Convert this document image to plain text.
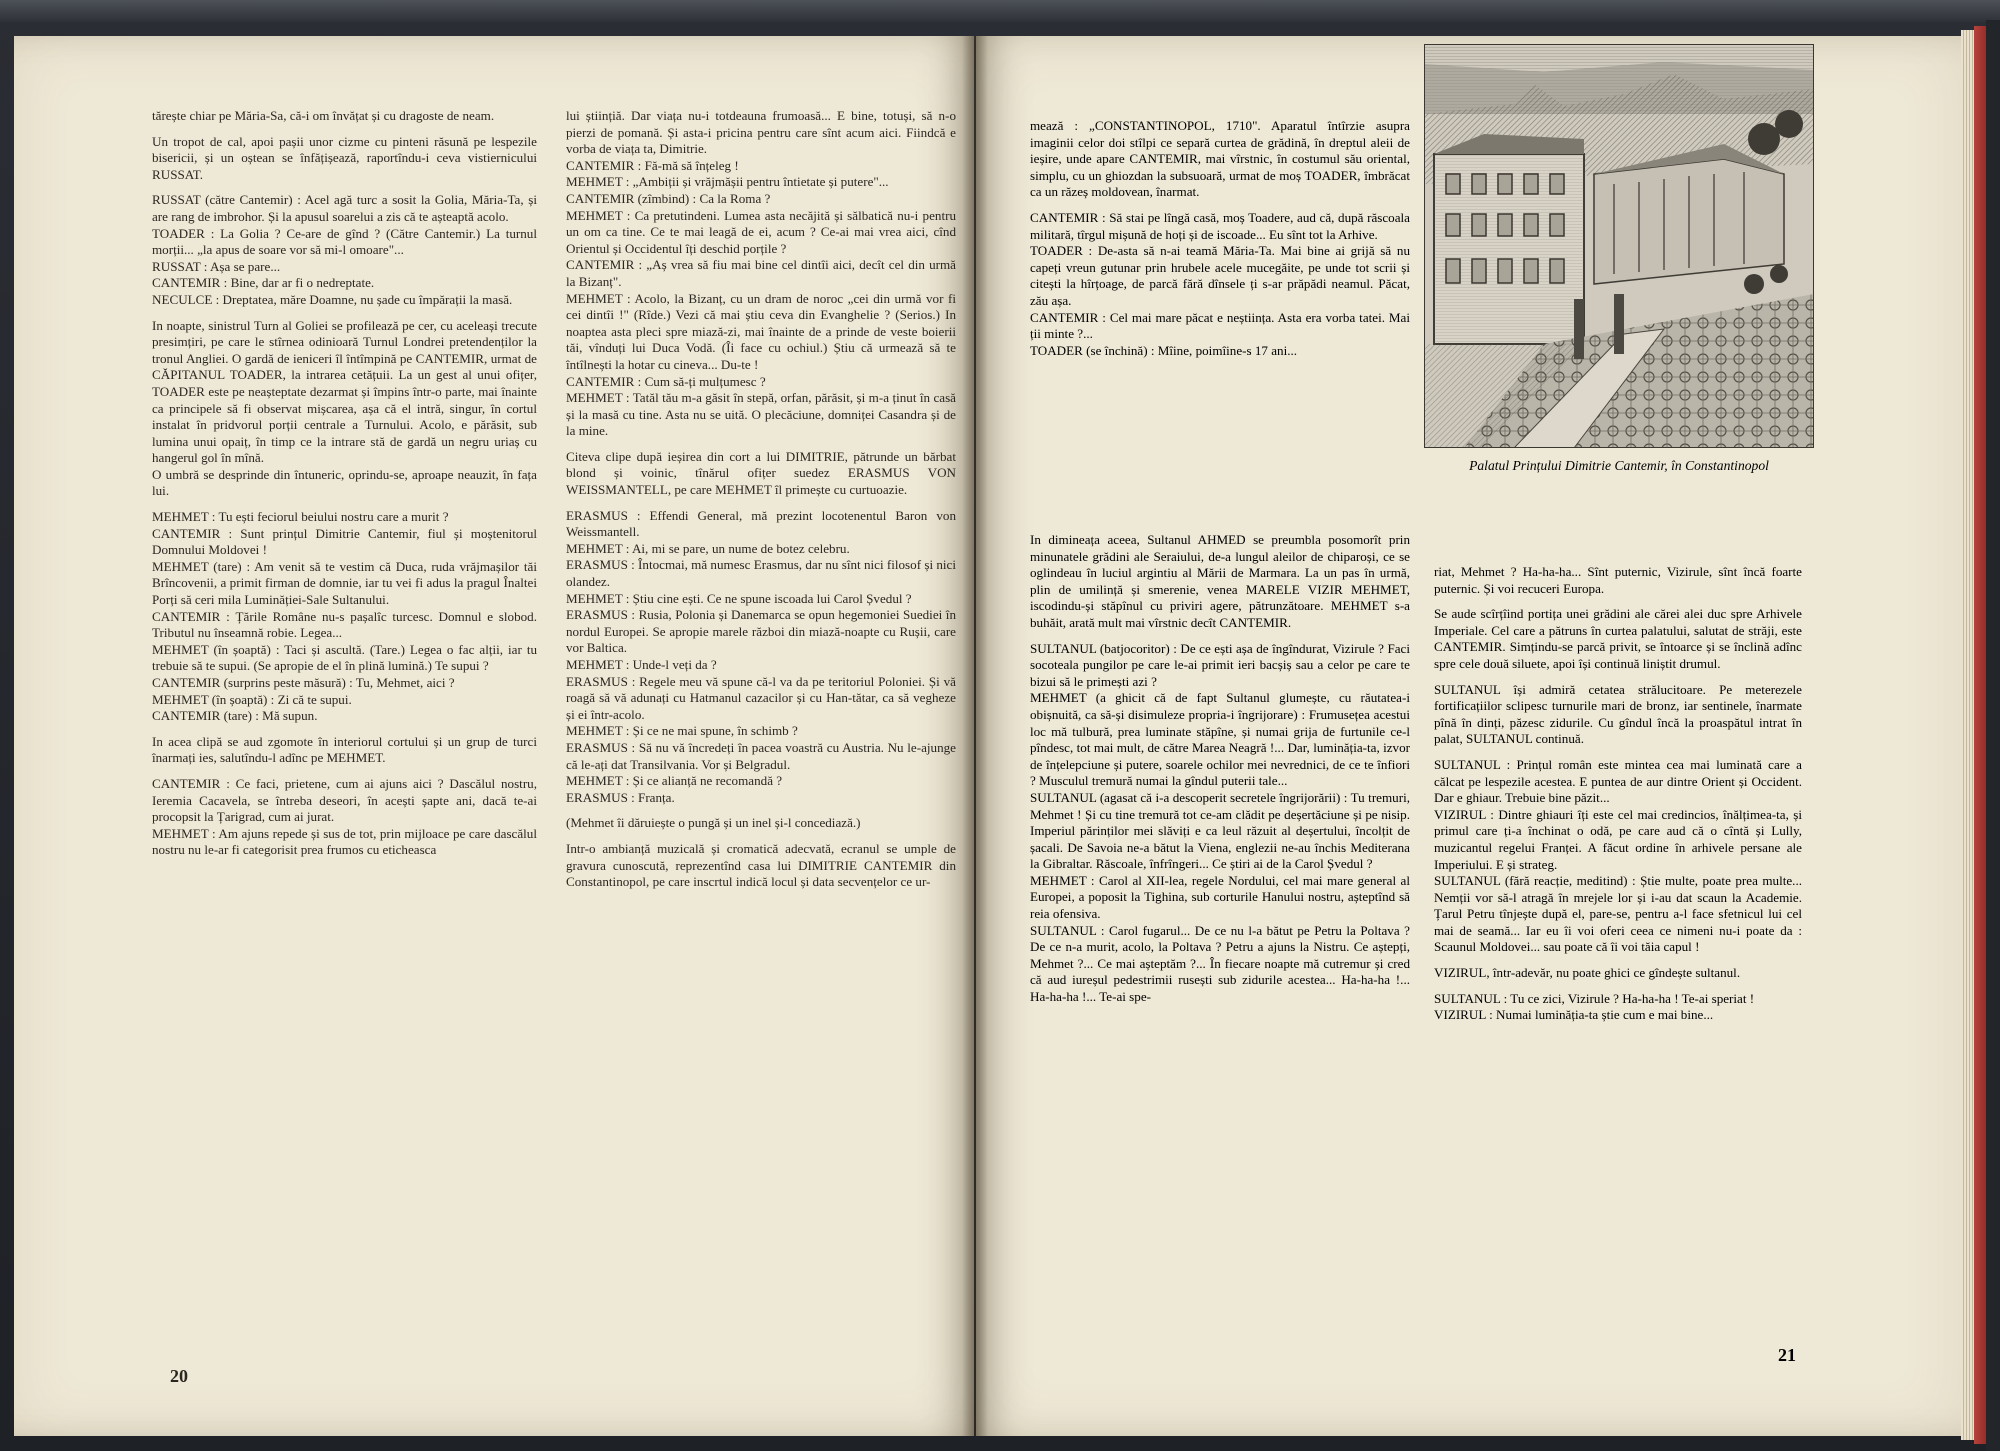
tărește chiar pe Măria-Sa, că-i om învățat și cu dragoste de neam.

Un tropot de cal, apoi pașii unor cizme cu pinteni răsună pe lespezile bisericii, și un oștean se înfățișează, raportîndu-i ceva vistiernicului RUSSAT.

RUSSAT (către Cantemir) : Acel agă turc a sosit la Golia, Măria-Ta, și are rang de imbrohor. Și la apusul soarelui a zis că te așteaptă acolo.

TOADER : La Golia ? Ce-are de gînd ? (Către Cantemir.) La turnul morții... „la apus de soare vor să mi-l omoare"...

RUSSAT : Așa se pare...

CANTEMIR : Bine, dar ar fi o nedreptate.

NECULCE : Dreptatea, măre Doamne, nu șade cu împărații la masă.

In noapte, sinistrul Turn al Goliei se profilează pe cer, cu aceleași trecute presimțiri, pe care le stîrnea odinioară Turnul Londrei pretendenților la tronul Angliei. O gardă de ieniceri îl întîmpină pe CANTEMIR, urmat de CĂPITANUL TOADER, la intrarea cetățuii. La un gest al unui ofițer, TOADER este pe neașteptate dezarmat și împins într-o parte, mai înainte ca principele să fi observat mișcarea, așa că el intră, singur, în cortul instalat în pridvorul porții centrale a Turnului. Acolo, e părăsit, sub lumina unui opaiț, în timp ce la intrare stă de gardă un negru uriaș cu hangerul gol în mînă.

O umbră se desprinde din întuneric, oprindu-se, aproape neauzit, în fața lui.

MEHMET : Tu ești feciorul beiului nostru care a murit ?

CANTEMIR : Sunt prințul Dimitrie Cantemir, fiul și moștenitorul Domnului Moldovei !

MEHMET (tare) : Am venit să te vestim că Duca, ruda vrăjmașilor tăi Brîncovenii, a primit firman de domnie, iar tu vei fi adus la pragul Înaltei Porți să ceri mila Luminăției-Sale Sultanului.

CANTEMIR : Țările Române nu-s pașalîc turcesc. Domnul e slobod. Tributul nu înseamnă robie. Legea...

MEHMET (în șoaptă) : Taci și ascultă. (Tare.) Legea o fac alții, iar tu trebuie să te supui. (Se apropie de el în plină lumină.) Te supui ?

CANTEMIR (surprins peste măsură) : Tu, Mehmet, aici ?

MEHMET (în șoaptă) : Zi că te supui.

CANTEMIR (tare) : Mă supun.

In acea clipă se aud zgomote în interiorul cortului și un grup de turci înarmați ies, salutîndu-l adînc pe MEHMET.

CANTEMIR : Ce faci, prietene, cum ai ajuns aici ? Dascălul nostru, Ieremia Cacavela, se întreba deseori, în acești șapte ani, dacă te-ai procopsit la Țarigrad, cum ai jurat.

MEHMET : Am ajuns repede și sus de tot, prin mijloace pe care dascălul nostru nu le-ar fi categorisit prea frumos cu eticheasca

lui științiă. Dar viața nu-i totdeauna frumoasă... E bine, totuși, să n-o pierzi de pomană. Și asta-i pricina pentru care sînt acum aici. Fiindcă e vorba de viața ta, Dimitrie.

CANTEMIR : Fă-mă să înțeleg !

MEHMET : „Ambiții și vrăjmășii pentru întietate și putere"...

CANTEMIR (zîmbind) : Ca la Roma ?

MEHMET : Ca pretutindeni. Lumea asta necăjită și sălbatică nu-i pentru un om ca tine. Ce te mai leagă de ei, acum ? Ce-ai mai vrea aici, cînd Orientul și Occidentul îți deschid porțile ?

CANTEMIR : „Aș vrea să fiu mai bine cel dintîi aici, decît cel din urmă la Bizanț".

MEHMET : Acolo, la Bizanț, cu un dram de noroc „cei din urmă vor fi cei dintîi !" (Rîde.) Vezi că mai știu ceva din Evanghelie ? (Serios.) In noaptea asta pleci spre miază-zi, mai înainte de a prinde de veste boierii tăi, vînduți lui Duca Vodă. (Îi face cu ochiul.) Știu că urmează să te întîlnești la hotar cu cineva... Du-te !

CANTEMIR : Cum să-ți mulțumesc ?

MEHMET : Tatăl tău m-a găsit în stepă, orfan, părăsit, și m-a ținut în casă și la masă cu tine. Asta nu se uită. O plecăciune, domniței Casandra și de la mine.

Citeva clipe după ieșirea din cort a lui DIMITRIE, pătrunde un bărbat blond și voinic, tînărul ofițer suedez ERASMUS VON WEISSMANTELL, pe care MEHMET îl primește cu curtuoazie.

ERASMUS : Effendi General, mă prezint locotenentul Baron von Weissmantell.

MEHMET : Ai, mi se pare, un nume de botez celebru.

ERASMUS : Întocmai, mă numesc Erasmus, dar nu sînt nici filosof și nici olandez.

MEHMET : Știu cine ești. Ce ne spune iscoada lui Carol Șvedul ?

ERASMUS : Rusia, Polonia și Danemarca se opun hegemoniei Suediei în nordul Europei. Se apropie marele război din miază-noapte cu Rușii, care vor Baltica.

MEHMET : Unde-l veți da ?

ERASMUS : Regele meu vă spune că-l va da pe teritoriul Poloniei. Și vă roagă să vă adunați cu Hatmanul cazacilor și cu Han-tătar, ca să vegheze și ei într-acolo.

MEHMET : Și ce ne mai spune, în schimb ?

ERASMUS : Să nu vă încredeți în pacea voastră cu Austria. Nu le-ajunge că le-ați dat Transilvania. Vor și Belgradul.

MEHMET : Și ce alianță ne recomandă ?

ERASMUS : Franța.

(Mehmet îi dăruiește o pungă și un inel și-l concediază.)

Intr-o ambianță muzicală și cromatică adecvată, ecranul se umple de gravura cunoscută, reprezentînd casa lui DIMITRIE CANTEMIR din Constantinopol, pe care inscrtul indică locul și data secvențelor ce ur-

20

mează : „CONSTANTINOPOL, 1710". Aparatul întîrzie asupra imaginii celor doi stîlpi ce separă curtea de grădină, în dreptul aleii de ieșire, unde apare CANTEMIR, mai vîrstnic, în costumul său oriental, simplu, cu un ghiozdan la subsuoară, urmat de moș TOADER, îmbrăcat ca un răzeș moldovean, înarmat.

CANTEMIR : Să stai pe lîngă casă, moș Toadere, aud că, după răscoala militară, tîrgul mișună de hoți și de iscoade... Eu sînt tot la Arhive.

TOADER : De-asta să n-ai teamă Măria-Ta. Mai bine ai grijă să nu capeți vreun gutunar prin hrubele acele mucegăite, pe unde tot scrii și citești la hîrțoage, de parcă fără dînsele ți s-ar prăpădi neamul. Păcat, zău așa.

CANTEMIR : Cel mai mare păcat e neștiința. Asta era vorba tatei. Mai ții minte ?...

TOADER (se închină) : Mîine, poimîine-s 17 ani...

Palatul Prințului Dimitrie Cantemir, în Constantinopol

In dimineața aceea, Sultanul AHMED se preumbla posomorît prin minunatele grădini ale Seraiului, de-a lungul aleilor de chiparoși, ce se oglindeau în luciul argintiu al Mării de Marmara. La un pas în urmă, plin de umilință și smerenie, venea MARELE VIZIR MEHMET, iscodindu-și stăpînul cu priviri agere, pătrunzătoare. MEHMET s-a buhăit, arată mult mai vîrstnic decît CANTEMIR.

SULTANUL (batjocoritor) : De ce ești așa de îngîndurat, Vizirule ? Faci socoteala pungilor pe care le-ai primit ieri bacșiș sau a celor pe care te bizui să le primești azi ?

MEHMET (a ghicit că de fapt Sultanul glumește, cu răutatea-i obișnuită, ca să-și disimuleze propria-i îngrijorare) : Frumusețea acestui loc mă tulbură, prea luminate stăpîne, și numai grija de furtunile ce-l pîndesc, tot mai mult, de către Marea Neagră !... Dar, luminăția-ta, izvor de înțelepciune și putere, soarele ochilor mei nevrednici, de ce te înfiori ? Musculul tremură numai la gîndul puterii tale...

SULTANUL (agasat că i-a descoperit secretele îngrijorării) : Tu tremuri, Mehmet ! Și cu tine tremură tot ce-am clădit pe deșertăciune și pe nisip. Imperiul părinților mei slăviți e ca leul răzuit al deșertului, încolțit de șacali. De Savoia ne-a bătut la Viena, englezii ne-au închis Mediterana la Gibraltar. Răscoale, înfrîngeri... Ce știri ai de la Carol Șvedul ?

MEHMET : Carol al XII-lea, regele Nordului, cel mai mare general al Europei, a poposit la Tighina, sub corturile Hanului nostru, așteptînd să reia ofensiva.

SULTANUL : Carol fugarul... De ce nu l-a bătut pe Petru la Poltava ? De ce n-a murit, acolo, la Poltava ? Petru a ajuns la Nistru. Ce aștepți, Mehmet ?... Ce mai așteptăm ?... În fiecare noapte mă cutremur și cred că aud iureșul pedestrimii rusești sub zidurile acestea... Ha-ha-ha !... Ha-ha-ha !... Te-ai spe-

riat, Mehmet ? Ha-ha-ha... Sînt puternic, Vizirule, sînt încă foarte puternic. Și voi recuceri Europa.

Se aude scîrțîind portița unei grădini ale cărei alei duc spre Arhivele Imperiale. Cel care a pătruns în curtea palatului, salutat de străji, este CANTEMIR. Simțindu-se parcă privit, se întoarce și se înclină adînc spre cele două siluete, apoi își continuă liniștit drumul.

SULTANUL își admiră cetatea strălucitoare. Pe meterezele fortificațiilor sclipesc turnurile mari de bronz, iar sentinele, înarmate pînă în dinți, păzesc zidurile. Cu gîndul încă la proaspătul intrat în palat, SULTANUL continuă.

SULTANUL : Prințul român este mintea cea mai luminată care a călcat pe lespezile acestea. E puntea de aur dintre Orient și Occident. Dar e ghiaur. Trebuie bine păzit...

VIZIRUL : Dintre ghiauri îți este cel mai credincios, înălțimea-ta, și primul care ți-a închinat o odă, pe care aud că o cîntă și Lully, muzicantul regelui Franței. A făcut ordine în arhivele persane ale Imperiului. E și strateg.

SULTANUL (fără reacție, meditind) : Știe multe, poate prea multe... Nemții vor să-l atragă în mrejele lor și i-au dat scaun la Academie. Țarul Petru tînjește după el, pare-se, pentru a-l face sfetnicul lui cel mai de seamă... Iar eu îi voi oferi ceea ce nimeni nu-i poate da : Scaunul Moldovei... sau poate că îi voi tăia capul !

VIZIRUL, într-adevăr, nu poate ghici ce gîndește sultanul.

SULTANUL : Tu ce zici, Vizirule ? Ha-ha-ha ! Te-ai speriat !

VIZIRUL : Numai luminăția-ta știe cum e mai bine...

21
